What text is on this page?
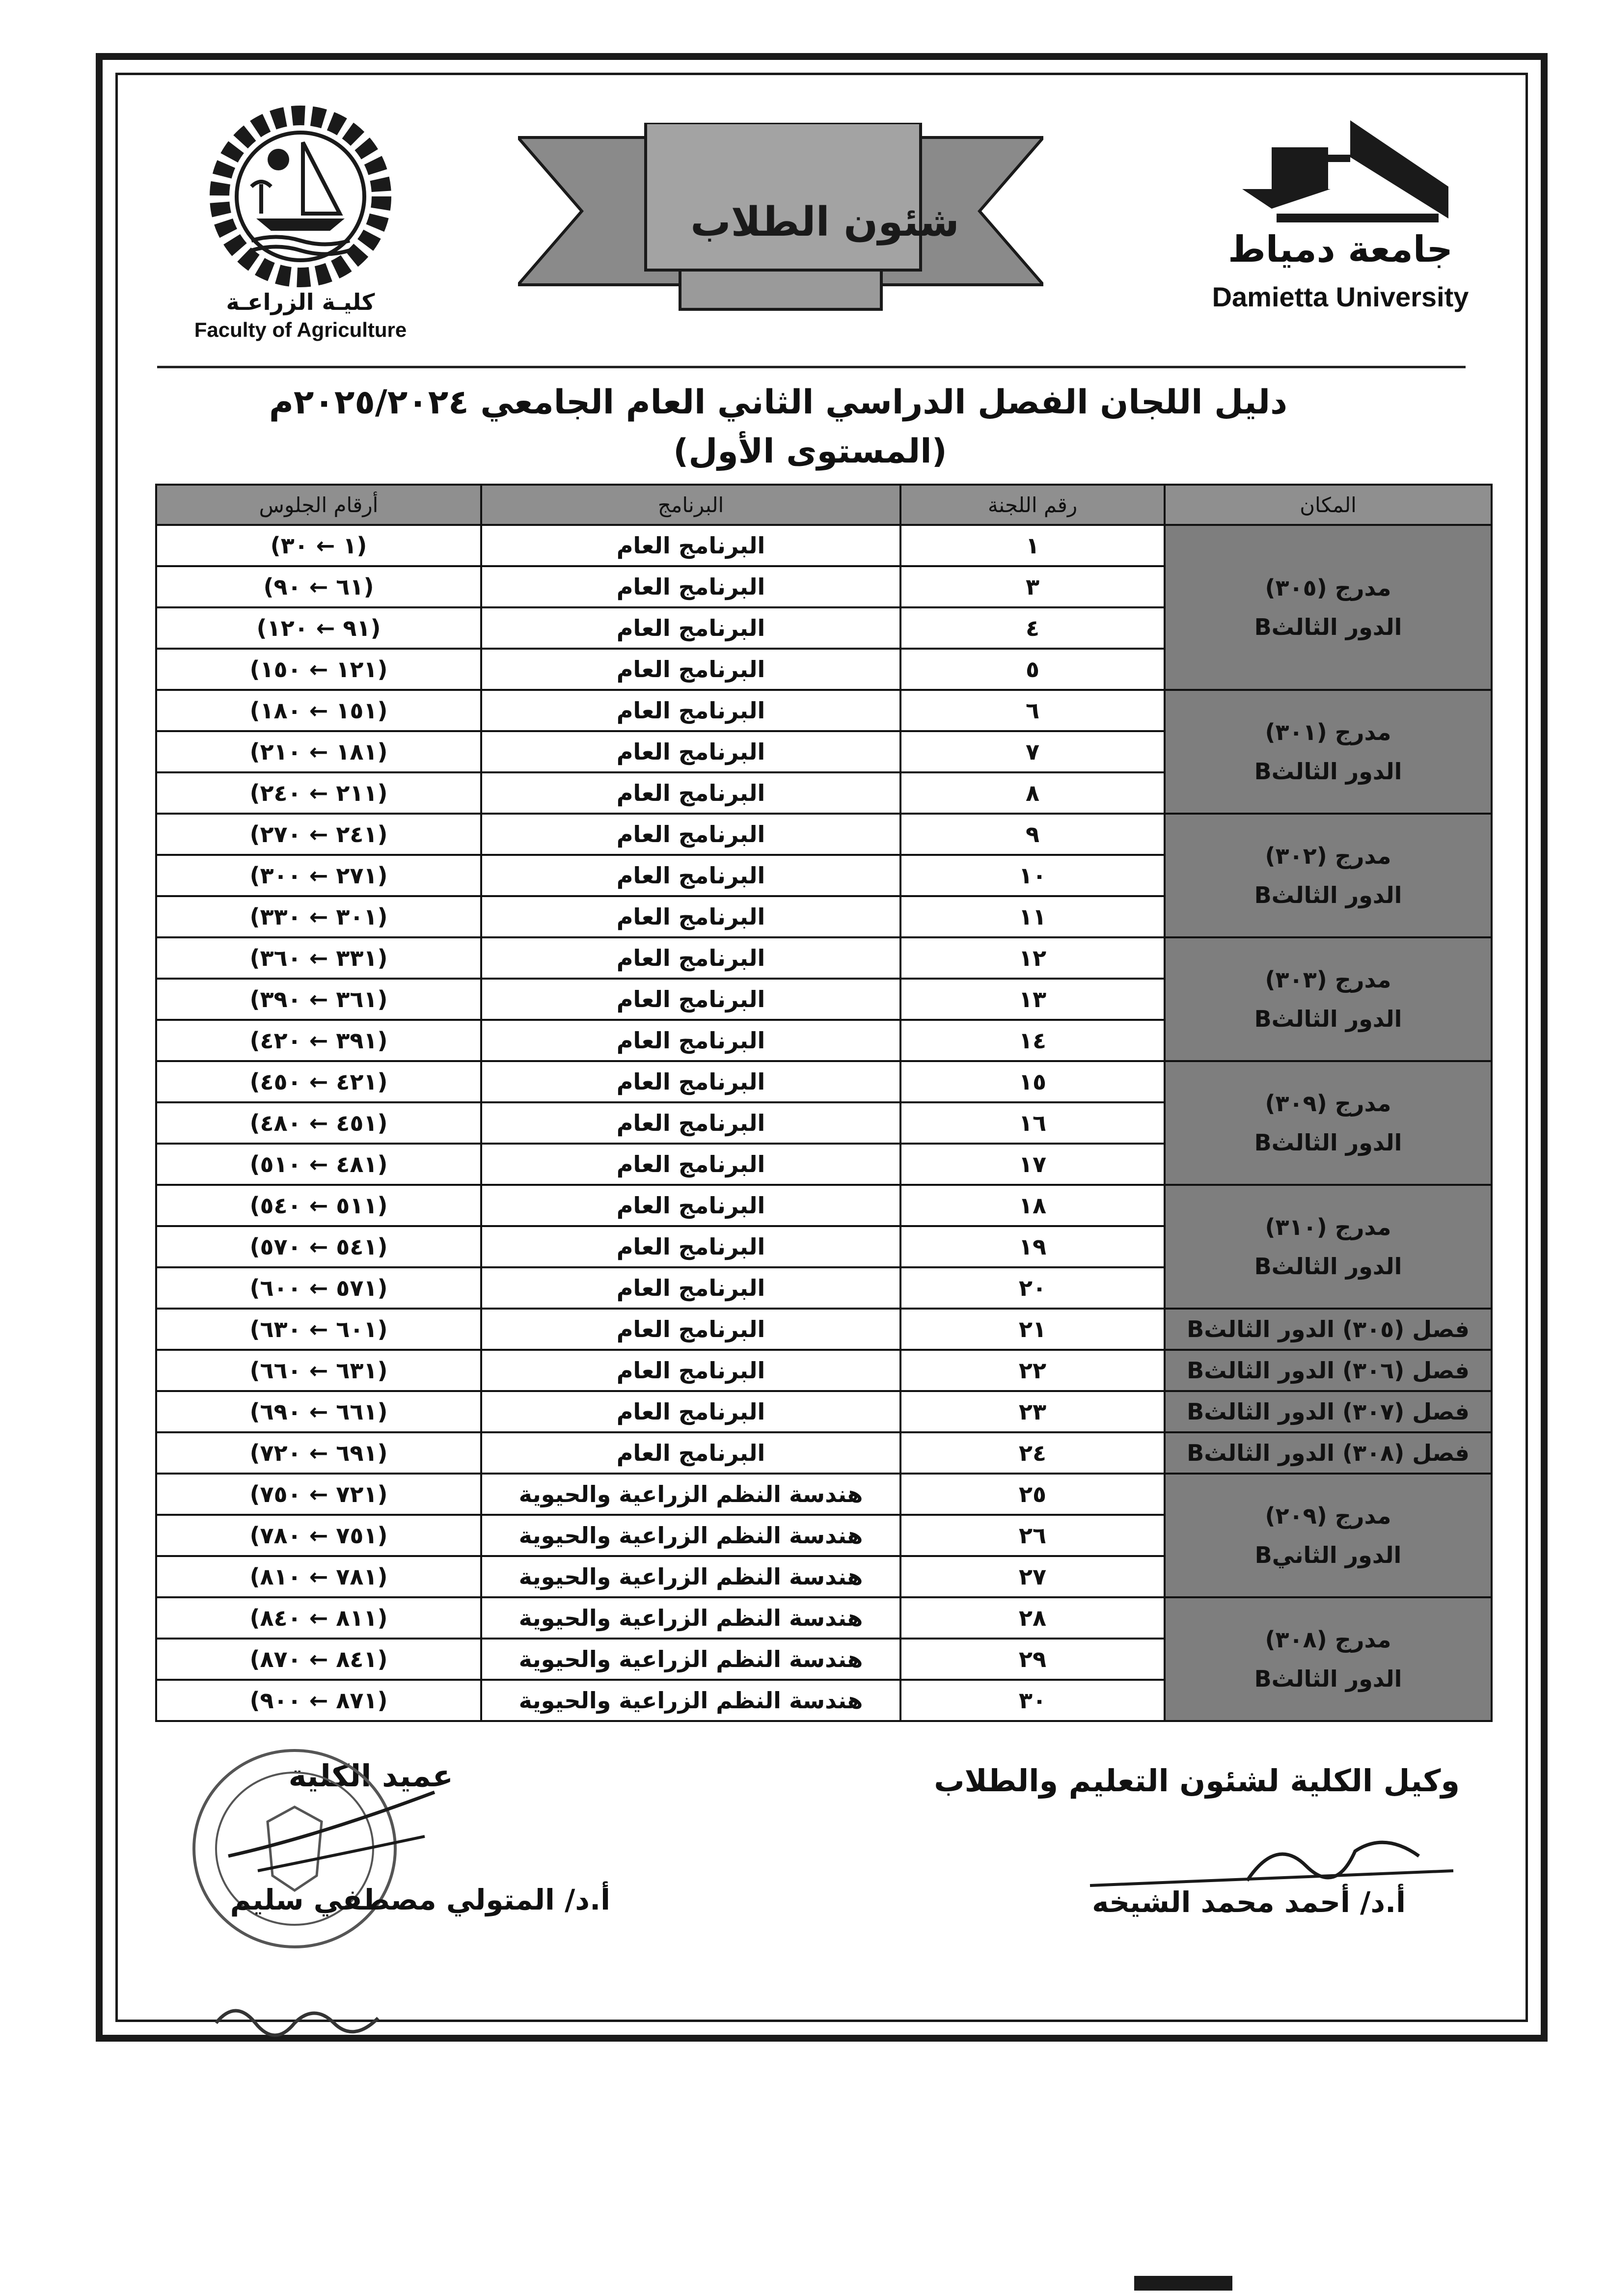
جامعة دمياط
Damietta University
شئون الطلاب
كليـة الزراعـة
Faculty of Agriculture
دليل اللجان الفصل الدراسي الثاني العام الجامعي ٢٠٢٥/٢٠٢٤م
(المستوى الأول)
المكان	رقم اللجنة	البرنامج	أرقام الجلوس
مدرج (٣٠٥)
الدور الثالثB	١	البرنامج العام	(١ ← ٣٠)
	٣	البرنامج العام	(٦١ ← ٩٠)
	٤	البرنامج العام	(٩١ ← ١٢٠)
	٥	البرنامج العام	(١٢١ ← ١٥٠)
مدرج (٣٠١)
الدور الثالثB	٦	البرنامج العام	(١٥١ ← ١٨٠)
	٧	البرنامج العام	(١٨١ ← ٢١٠)
	٨	البرنامج العام	(٢١١ ← ٢٤٠)
مدرج (٣٠٢)
الدور الثالثB	٩	البرنامج العام	(٢٤١ ← ٢٧٠)
	١٠	البرنامج العام	(٢٧١ ← ٣٠٠)
	١١	البرنامج العام	(٣٠١ ← ٣٣٠)
مدرج (٣٠٣)
الدور الثالثB	١٢	البرنامج العام	(٣٣١ ← ٣٦٠)
	١٣	البرنامج العام	(٣٦١ ← ٣٩٠)
	١٤	البرنامج العام	(٣٩١ ← ٤٢٠)
مدرج (٣٠٩)
الدور الثالثB	١٥	البرنامج العام	(٤٢١ ← ٤٥٠)
	١٦	البرنامج العام	(٤٥١ ← ٤٨٠)
	١٧	البرنامج العام	(٤٨١ ← ٥١٠)
مدرج (٣١٠)
الدور الثالثB	١٨	البرنامج العام	(٥١١ ← ٥٤٠)
	١٩	البرنامج العام	(٥٤١ ← ٥٧٠)
	٢٠	البرنامج العام	(٥٧١ ← ٦٠٠)
فصل (٣٠٥) الدور الثالثB	٢١	البرنامج العام	(٦٠١ ← ٦٣٠)
فصل (٣٠٦) الدور الثالثB	٢٢	البرنامج العام	(٦٣١ ← ٦٦٠)
فصل (٣٠٧) الدور الثالثB	٢٣	البرنامج العام	(٦٦١ ← ٦٩٠)
فصل (٣٠٨) الدور الثالثB	٢٤	البرنامج العام	(٦٩١ ← ٧٢٠)
مدرج (٢٠٩)
الدور الثانيB	٢٥	هندسة النظم الزراعية والحيوية	(٧٢١ ← ٧٥٠)
	٢٦	هندسة النظم الزراعية والحيوية	(٧٥١ ← ٧٨٠)
	٢٧	هندسة النظم الزراعية والحيوية	(٧٨١ ← ٨١٠)
مدرج (٣٠٨)
الدور الثالثB	٢٨	هندسة النظم الزراعية والحيوية	(٨١١ ← ٨٤٠)
	٢٩	هندسة النظم الزراعية والحيوية	(٨٤١ ← ٨٧٠)
	٣٠	هندسة النظم الزراعية والحيوية	(٨٧١ ← ٩٠٠)
وكيل الكلية لشئون التعليم والطلاب
أ.د/ أحمد محمد الشيخه
عميد الكلية
أ.د/ المتولي مصطفي سليم
